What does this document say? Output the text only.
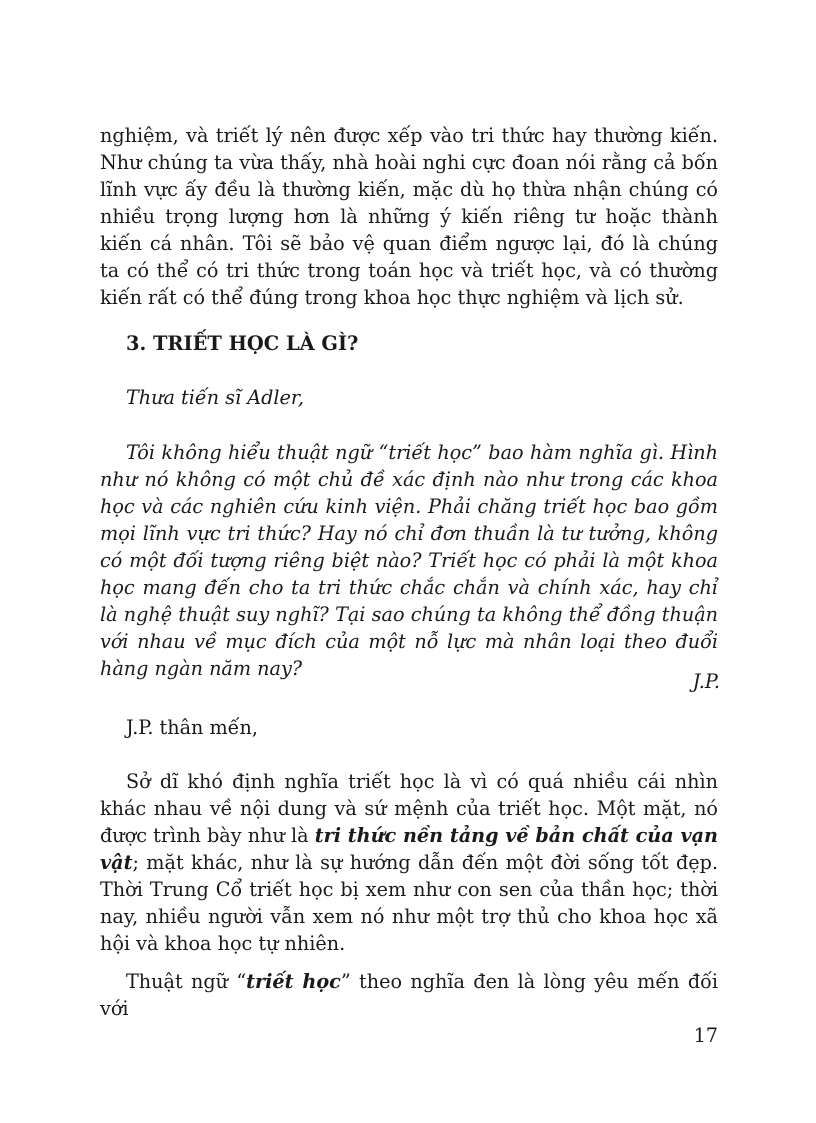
nghiệm, và triết lý nên được xếp vào tri thức hay thường kiến. Như chúng ta vừa thấy, nhà hoài nghi cực đoan nói rằng cả bốn lĩnh vực ấy đều là thường kiến, mặc dù họ thừa nhận chúng có nhiều trọng lượng hơn là những ý kiến riêng tư hoặc thành kiến cá nhân. Tôi sẽ bảo vệ quan điểm ngược lại, đó là chúng ta có thể có tri thức trong toán học và triết học, và có thường kiến rất có thể đúng trong khoa học thực nghiệm và lịch sử.

3. TRIẾT HỌC LÀ GÌ?

Thưa tiến sĩ Adler,

Tôi không hiểu thuật ngữ “triết học” bao hàm nghĩa gì. Hình như nó không có một chủ đề xác định nào như trong các khoa học và các nghiên cứu kinh viện. Phải chăng triết học bao gồm mọi lĩnh vực tri thức? Hay nó chỉ đơn thuần là tư tưởng, không có một đối tượng riêng biệt nào? Triết học có phải là một khoa học mang đến cho ta tri thức chắc chắn và chính xác, hay chỉ là nghệ thuật suy nghĩ? Tại sao chúng ta không thể đồng thuận với nhau về mục đích của một nỗ lực mà nhân loại theo đuổi hàng ngàn năm nay?

J.P.

J.P. thân mến,

Sở dĩ khó định nghĩa triết học là vì có quá nhiều cái nhìn khác nhau về nội dung và sứ mệnh của triết học. Một mặt, nó được trình bày như là tri thức nền tảng về bản chất của vạn vật; mặt khác, như là sự hướng dẫn đến một đời sống tốt đẹp. Thời Trung Cổ triết học bị xem như con sen của thần học; thời nay, nhiều người vẫn xem nó như một trợ thủ cho khoa học xã hội và khoa học tự nhiên.

Thuật ngữ “triết học” theo nghĩa đen là lòng yêu mến đối với

17
